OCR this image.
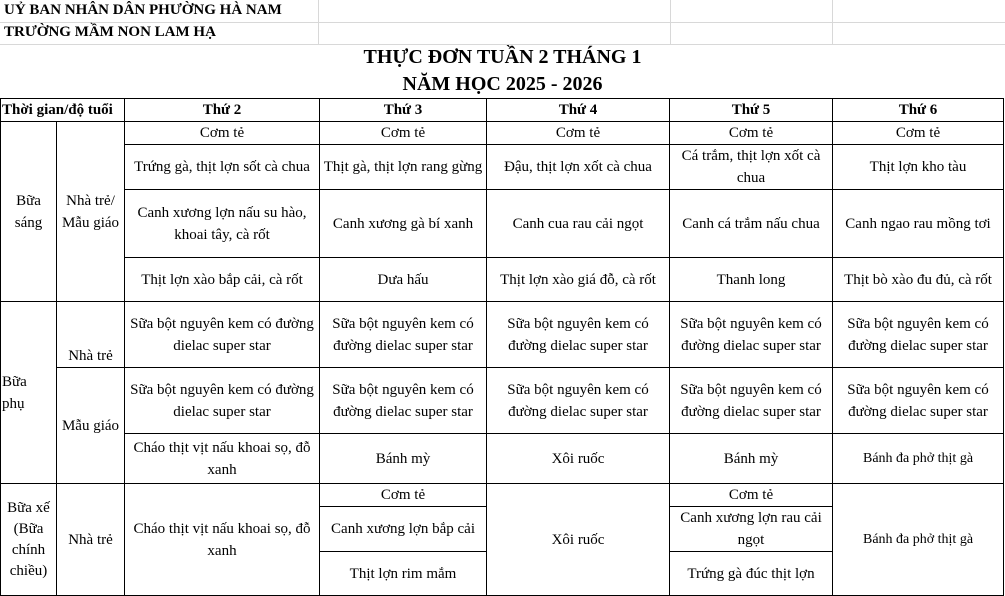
UỶ BAN NHÂN DÂN PHƯỜNG HÀ NAM
TRƯỜNG MẦM NON LAM HẠ
THỰC ĐƠN TUẦN 2 THÁNG 1
NĂM HỌC 2025 - 2026
Thời gian/độ tuổi		Thứ 2	Thứ 3	Thứ 4	Thứ 5	Thứ 6
Bữa sáng	Nhà trẻ/ Mẫu giáo	Cơm tẻ	Cơm tẻ	Cơm tẻ	Cơm tẻ	Cơm tẻ
		Trứng gà, thịt lợn sốt cà chua	Thịt gà, thịt lợn rang gừng	Đậu, thịt lợn xốt cà chua	Cá trắm, thịt lợn xốt cà chua	Thịt lợn kho tàu
		Canh xương lợn nấu su hào, khoai tây, cà rốt	Canh xương gà bí xanh	Canh cua rau cải ngọt	Canh cá trắm nấu chua	Canh ngao rau mồng tơi
		Thịt lợn xào bắp cải, cà rốt	Dưa hấu	Thịt lợn xào giá đỗ, cà rốt	Thanh long	Thịt bò xào đu đủ, cà rốt
Bữa phụ	Nhà trẻ	Sữa bột nguyên kem có đường dielac super star	Sữa bột nguyên kem có đường dielac super star	Sữa bột nguyên kem có đường dielac super star	Sữa bột nguyên kem có đường dielac super star	Sữa bột nguyên kem có đường dielac super star
	Mẫu giáo	Sữa bột nguyên kem có đường dielac super star	Sữa bột nguyên kem có đường dielac super star	Sữa bột nguyên kem có đường dielac super star	Sữa bột nguyên kem có đường dielac super star	Sữa bột nguyên kem có đường dielac super star
		Cháo thịt vịt nấu khoai sọ, đỗ xanh	Bánh mỳ	Xôi ruốc	Bánh mỳ	Bánh đa phở thịt gà
Bữa xế (Bữa chính chiều)	Nhà trẻ	Cháo thịt vịt nấu khoai sọ, đỗ xanh	Cơm tẻ	Xôi ruốc	Cơm tẻ	Bánh đa phở thịt gà
			Canh xương lợn bắp cải		Canh xương lợn rau cải ngọt	
			Thịt lợn rim mắm		Trứng gà đúc thịt lợn	
